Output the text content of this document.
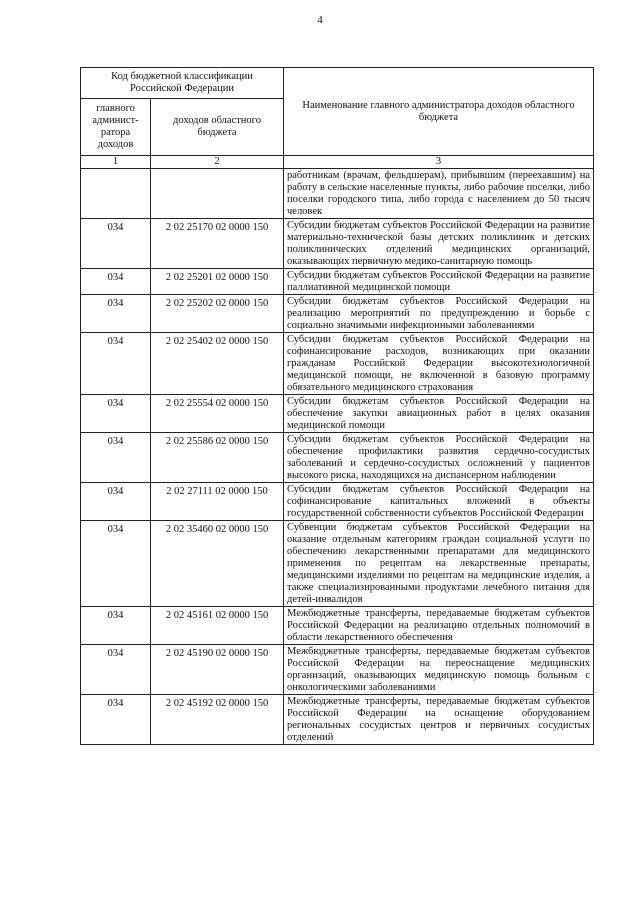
4
Код бюджетной классификации Российской Федерации		Наименование главного администратора доходов областного бюджета
главного админист-ратора доходов	доходов областного бюджета	
1	2	3
		работникам (врачам, фельдшерам), прибывшим (переехавшим) на работу в сельские населенные пункты, либо рабочие поселки, либо поселки городского типа, либо города с населением до 50 тысяч человек
034	2 02 25170 02 0000 150	Субсидии бюджетам субъектов Российской Федерации на развитие материально-технической базы детских поликлиник и детских поликлинических отделений медицинских организаций, оказывающих первичную медико-санитарную помощь
034	2 02 25201 02 0000 150	Субсидии бюджетам субъектов Российской Федерации на развитие паллиативной медицинской помощи
034	2 02 25202 02 0000 150	Субсидии бюджетам субъектов Российской Федерации на реализацию мероприятий по предупреждению и борьбе с социально значимыми инфекционными заболеваниями
034	2 02 25402 02 0000 150	Субсидии бюджетам субъектов Российской Федерации на софинансирование расходов, возникающих при оказании гражданам Российской Федерации высокотехнологичной медицинской помощи, не включенной в базовую программу обязательного медицинского страхования
034	2 02 25554 02 0000 150	Субсидии бюджетам субъектов Российской Федерации на обеспечение закупки авиационных работ в целях оказания медицинской помощи
034	2 02 25586 02 0000 150	Субсидии бюджетам субъектов Российской Федерации на обеспечение профилактики развития сердечно-сосудистых заболеваний и сердечно-сосудистых осложнений у пациентов высокого риска, находящихся на диспансерном наблюдении
034	2 02 27111 02 0000 150	Субсидии бюджетам субъектов Российской Федерации на софинансирование капитальных вложений в объекты государственной собственности субъектов Российской Федерации
034	2 02 35460 02 0000 150	Субвенции бюджетам субъектов Российской Федерации на оказание отдельным категориям граждан социальной услуги по обеспечению лекарственными препаратами для медицинского применения по рецептам на лекарственные препараты, медицинскими изделиями по рецептам на медицинские изделия, а также специализированными продуктами лечебного питания для детей-инвалидов
034	2 02 45161 02 0000 150	Межбюджетные трансферты, передаваемые бюджетам субъектов Российской Федерации на реализацию отдельных полномочий в области лекарственного обеспечения
034	2 02 45190 02 0000 150	Межбюджетные трансферты, передаваемые бюджетам субъектов Российской Федерации на переоснащение медицинских организаций, оказывающих медицинскую помощь больным с онкологическими заболеваниями
034	2 02 45192 02 0000 150	Межбюджетные трансферты, передаваемые бюджетам субъектов Российской Федерации на оснащение оборудованием региональных сосудистых центров и первичных сосудистых отделений
